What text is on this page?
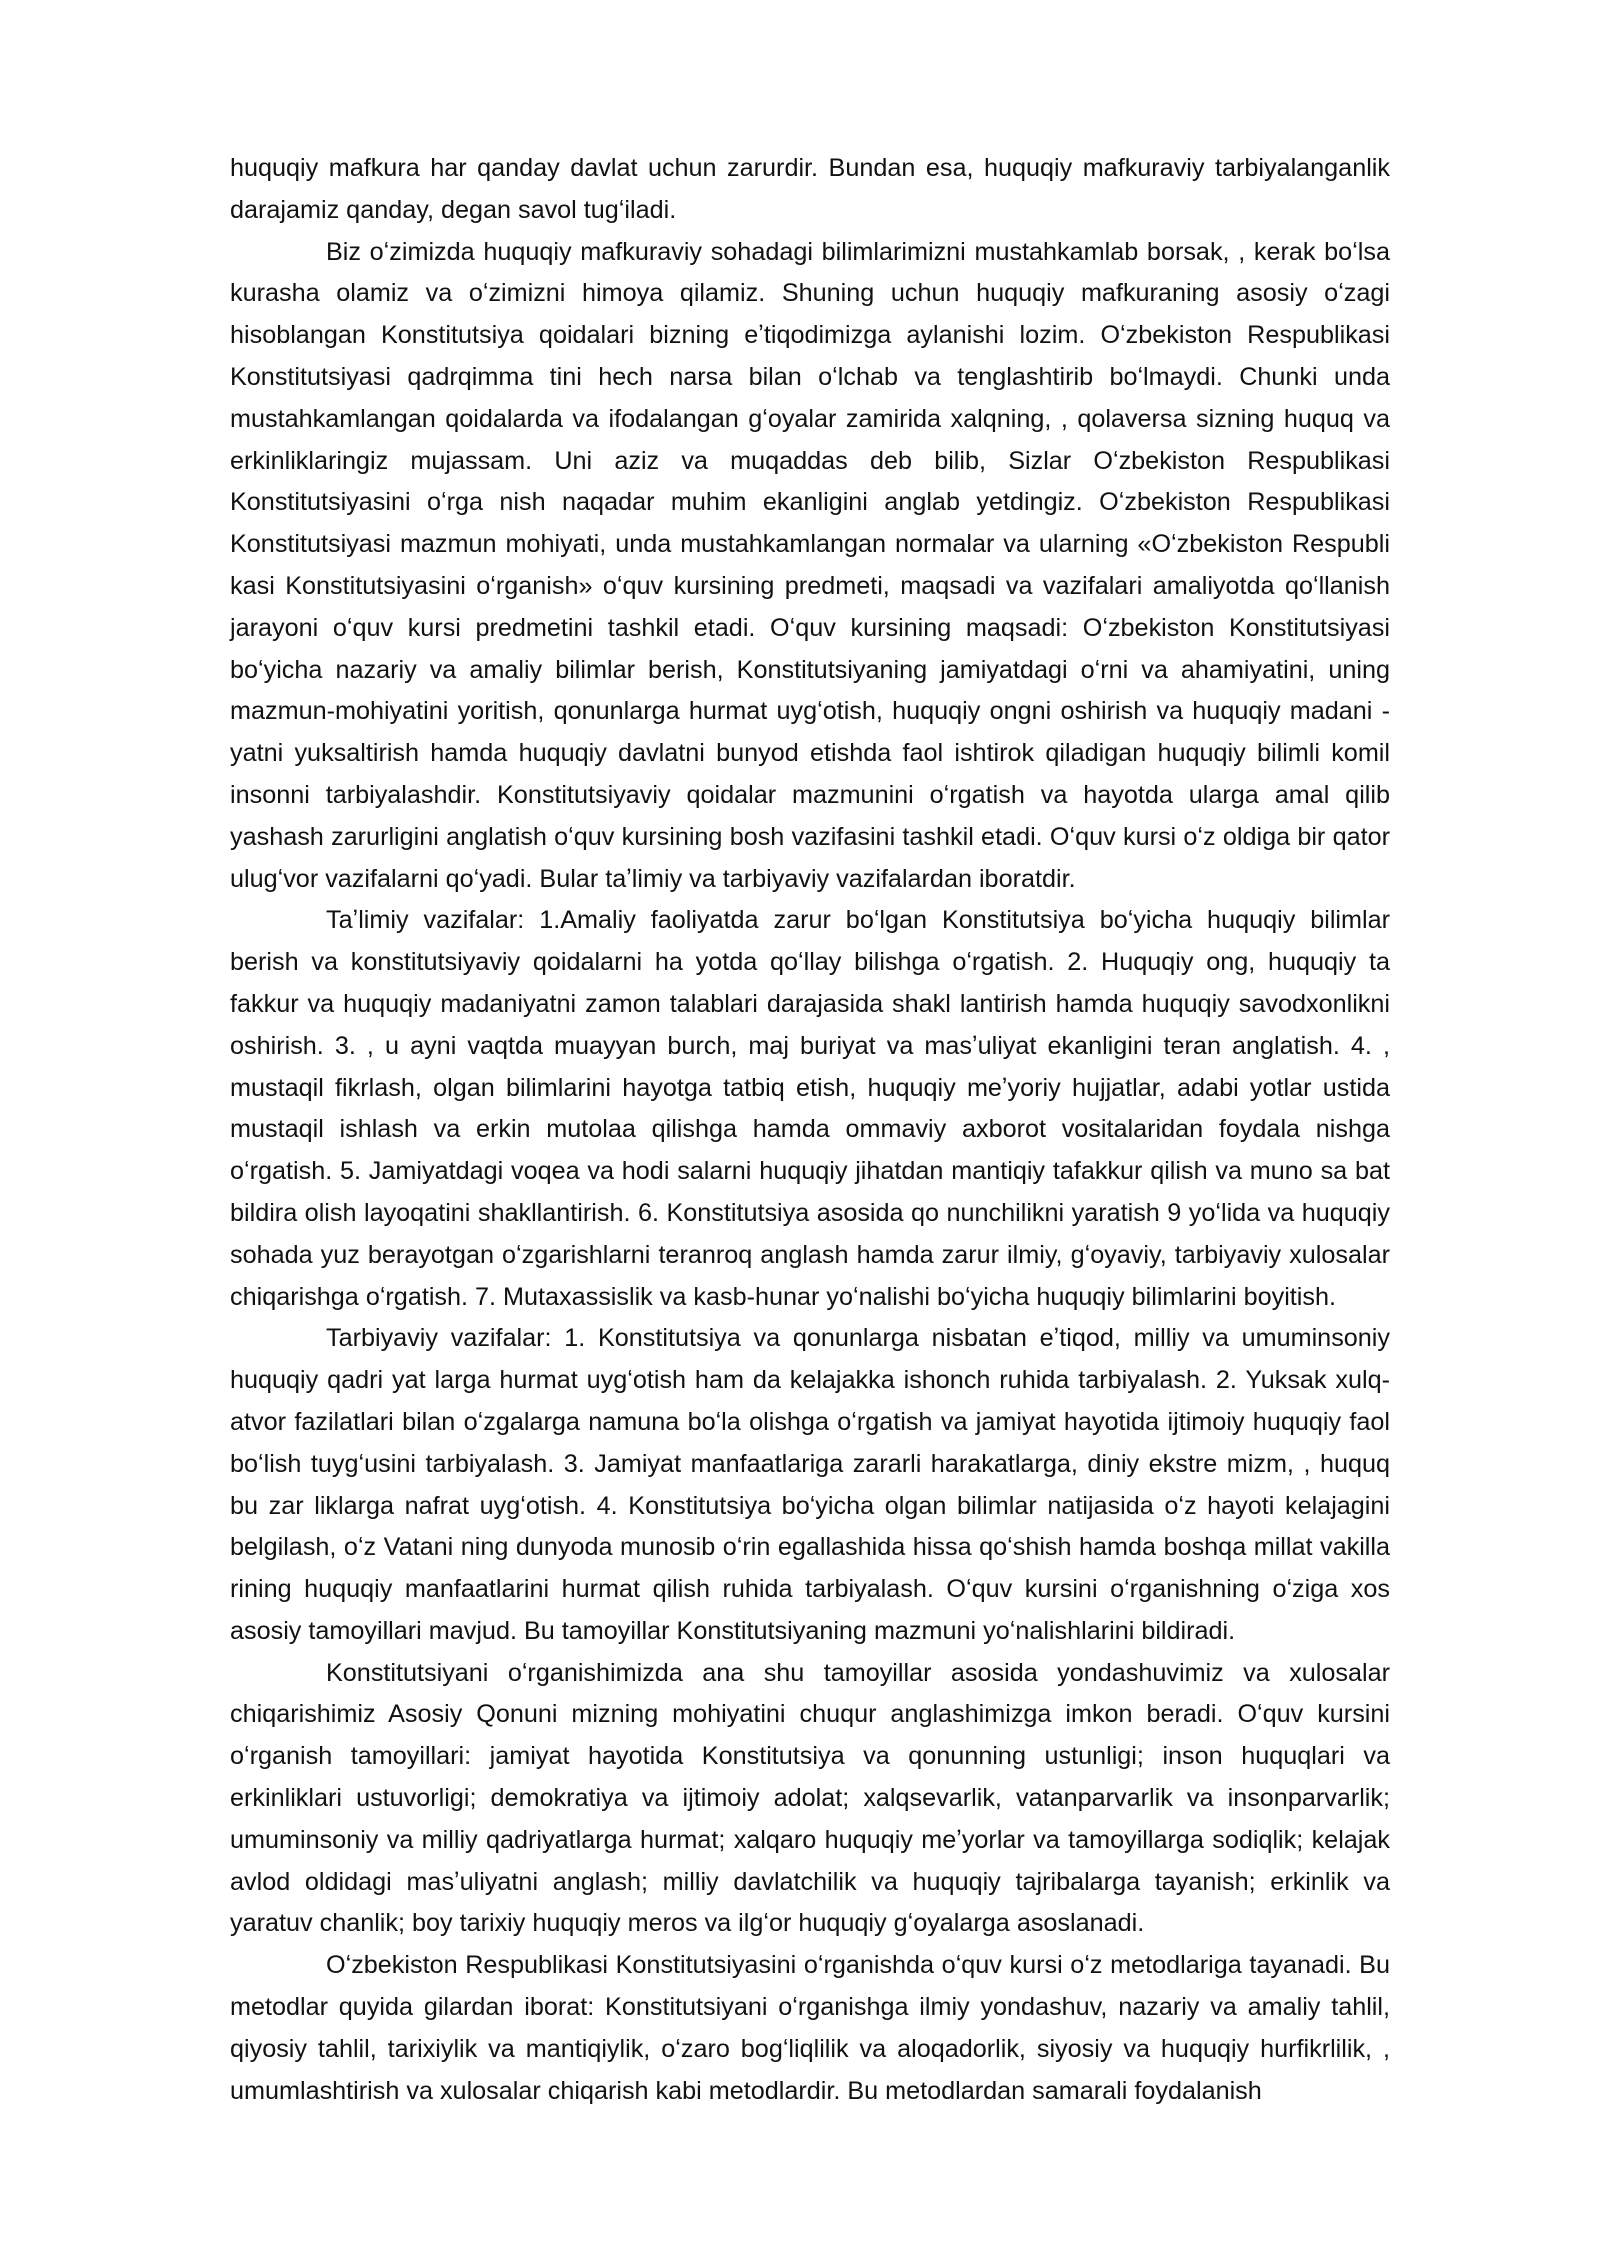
huquqiy mafkura har qanday davlat uchun zarurdir. Bundan esa, huquqiy mafkuraviy tarbiyalanganlik darajamiz qanday, degan savol tugʻiladi.

Biz oʻzimizda huquqiy mafkuraviy sohadagi bilimlarimizni mustahkamlab borsak, , kerak boʻlsa kurasha olamiz va oʻzimizni himoya qilamiz. Shuning uchun huquqiy mafkuraning asosiy oʻzagi hisoblangan Konstitutsiya qoidalari bizning eʼtiqodimizga aylanishi lozim. Oʻzbekiston Respublikasi Konstitutsiyasi qadrqimma tini hech narsa bilan oʻlchab va tenglashtirib boʻlmaydi. Chunki unda mustahkamlangan qoidalarda va ifodalangan gʻoyalar zamirida xalqning, , qolaversa sizning huquq va erkinliklaringiz mujassam. Uni aziz va muqaddas deb bilib, Sizlar Oʻzbekiston Respublikasi Konstitutsiyasini oʻrga nish naqadar muhim ekanligini anglab yetdingiz. Oʻzbekiston Respublikasi Konstitutsiyasi mazmun mohiyati, unda mustahkamlangan normalar va ularning «Oʻzbekiston Respubli kasi Konstitutsiyasini oʻrganish» oʻquv kursining predmeti, maqsadi va vazifalari amaliyotda qoʻllanish jarayoni oʻquv kursi predmetini tashkil etadi. Oʻquv kursining maqsadi: Oʻzbekiston Konstitutsiyasi boʻyicha nazariy va amaliy bilimlar berish, Konstitutsiyaning jamiyatdagi oʻrni va ahamiyatini, uning mazmun-mohiyatini yoritish, qonunlarga hurmat uygʻotish, huquqiy ongni oshirish va huquqiy madani - yatni yuksaltirish hamda huquqiy davlatni bunyod etishda faol ishtirok qiladigan huquqiy bilimli komil insonni tarbiyalashdir. Konstitutsiyaviy qoidalar mazmunini oʻrgatish va hayotda ularga amal qilib yashash zarurligini anglatish oʻquv kursining bosh vazifasini tashkil etadi. Oʻquv kursi oʻz oldiga bir qator ulugʻvor vazifalarni qoʻyadi. Bular taʼlimiy va tarbiyaviy vazifalardan iboratdir.

Taʼlimiy vazifalar: 1.Amaliy faoliyatda zarur boʻlgan Konstitutsiya boʻyicha huquqiy bilimlar berish va konstitutsiyaviy qoidalarni ha yotda qoʻllay bilishga oʻrgatish. 2. Huquqiy ong, huquqiy ta fakkur va huquqiy madaniyatni zamon talablari darajasida shakl lantirish hamda huquqiy savodxonlikni oshirish. 3. , u ayni vaqtda muayyan burch, maj buriyat va masʼuliyat ekanligini teran anglatish. 4. , mustaqil fikrlash, olgan bilimlarini hayotga tatbiq etish, huquqiy meʼyoriy hujjatlar, adabi yotlar ustida mustaqil ishlash va erkin mutolaa qilishga hamda ommaviy axborot vositalaridan foydala nishga oʻrgatish. 5. Jamiyatdagi voqea va hodi salarni huquqiy jihatdan mantiqiy tafakkur qilish va muno sa bat bildira olish layoqatini shakllantirish. 6. Konstitutsiya asosida qo nunchilikni yaratish 9 yoʻlida va huquqiy sohada yuz berayotgan oʻzgarishlarni teranroq anglash hamda zarur ilmiy, gʻoyaviy, tarbiyaviy xulosalar chiqarishga oʻrgatish. 7. Mutaxassislik va kasb-hunar yoʻnalishi boʻyicha huquqiy bilimlarini boyitish.

Tarbiyaviy vazifalar: 1. Konstitutsiya va qonunlarga nisbatan eʼtiqod, milliy va umuminsoniy huquqiy qadri yat larga hurmat uygʻotish ham da kelajakka ishonch ruhida tarbiyalash. 2. Yuksak xulq-atvor fazilatlari bilan oʻzgalarga namuna boʻla olishga oʻrgatish va jamiyat hayotida ijtimoiy huquqiy faol boʻlish tuygʻusini tarbiyalash. 3. Jamiyat manfaatlariga zararli harakatlarga, diniy ekstre mizm, , huquq bu zar liklarga nafrat uygʻotish. 4. Konstitutsiya boʻyicha olgan bilimlar natijasida oʻz hayoti kelajagini belgilash, oʻz Vatani ning dunyoda munosib oʻrin egallashida hissa qoʻshish hamda boshqa millat vakilla rining huquqiy manfaatlarini hurmat qilish ruhida tarbiyalash. Oʻquv kursini oʻrganishning oʻziga xos asosiy tamoyillari mavjud. Bu tamoyillar Konstitutsiyaning mazmuni yoʻnalishlarini bildiradi.

Konstitutsiyani oʻrganishimizda ana shu tamoyillar asosida yondashuvimiz va xulosalar chiqarishimiz Asosiy Qonuni mizning mohiyatini chuqur anglashimizga imkon beradi. Oʻquv kursini oʻrganish tamoyillari: jamiyat hayotida Konstitutsiya va qonunning ustunligi; inson huquqlari va erkinliklari ustuvorligi; demokratiya va ijtimoiy adolat; xalqsevarlik, vatanparvarlik va insonparvarlik; umuminsoniy va milliy qadriyatlarga hurmat; xalqaro huquqiy meʼyorlar va tamoyillarga sodiqlik; kelajak avlod oldidagi masʼuliyatni anglash; milliy davlatchilik va huquqiy tajribalarga tayanish; erkinlik va yaratuv chanlik; boy tarixiy huquqiy meros va ilgʻor huquqiy gʻoyalarga asoslanadi.

Oʻzbekiston Respublikasi Konstitutsiyasini oʻrganishda oʻquv kursi oʻz metodlariga tayanadi. Bu metodlar quyida gilardan iborat: Konstitutsiyani oʻrganishga ilmiy yondashuv, nazariy va amaliy tahlil, qiyosiy tahlil, tarixiylik va mantiqiylik, oʻzaro bogʻliqlilik va aloqadorlik, siyosiy va huquqiy hurfikrlilik, , umumlashtirish va xulosalar chiqarish kabi metodlardir. Bu metodlardan samarali foydalanish
